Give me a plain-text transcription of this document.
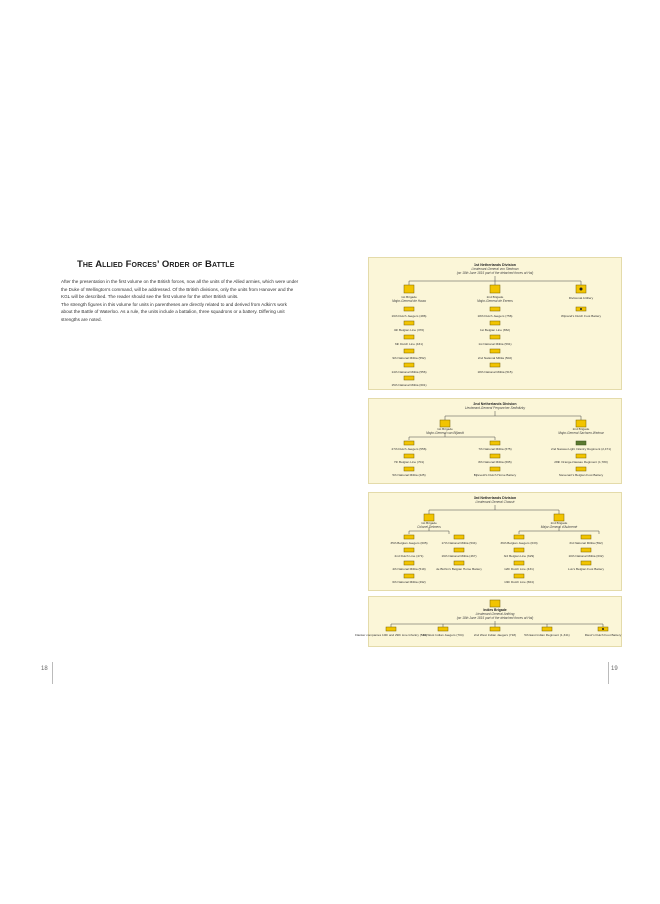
The Allied Forces’ Order of Battle

After the presentation in the first volume on the British forces, now all the units of the Allied armies, which were under the Duke of Wellington’s command, will be addressed. Of the British divisions, only the units from Hanover and the KGL will be described. The reader should see the first volume for the other British units.

The strength figures in this volume for units in parentheses are directly related to and derived from Adkin’s work about the Battle of Waterloo. As a rule, the units include a battalion, three squadrons or a battery. Differing unit strengths are noted.

18	19
1st Netherlands Division
Lieutenant-General von Stedman
(on 18th June 1815 part of the detached forces at Hal)
1st Brigade
Major-General de Hauw
2nd Brigade
Major-General de Eerens
Divisional Artillery
16th Dutch Jaegers (486)
4th Belgian Line (370)
6th Dutch Line (431)
9th National Militia (552)
14th National Militia (556)
15th National Militia (601)
18th Dutch Jaegers (756)
1st Belgian Line (652)
1st National Militia (591)
2nd National Militia (502)
18th National Militia (515)
Wijnand’s Dutch Foot Battery
2nd Netherlands Division
Lieutenant-General Perponcher-Sedlnitzky
1st Brigade
Major-General van Bijlandt
2nd Brigade
Major-General Sachsen-Weimar
27th Dutch Jaegers (556)
7th Belgian Line (701)
5th National Militia (225)
7th National Militia (675)
8th National Militia (665)
Bijleveld’s Dutch Horse Battery
2nd Nassau Light Infantry Regiment (2,471)
28th Orange-Nassau Regiment (1,780)
Stevenart’s Belgian Foot Battery
3rd Netherlands Division
Lieutenant-General Chassé
1st Brigade
Colonel Detmers
2nd Brigade
Major-General d’Aubremé
35th Belgian Jaegers (605)
2nd Dutch Line (471)
4th National Militia (519)
6th National Militia (492)
17th National Militia (534)
19th National Militia (467)
de Bichin’s Belgian Horse Battery
36th Belgian Jaegers (633)
3rd Belgian Line (629)
12th Dutch Line (431)
13th Dutch Line (664)
3rd National Militia (592)
10th National Militia (632)
Lux’s Belgian Foot Battery
Indies Brigade
Lieutenant-General Anthing
(on 18th June 1815 part of the detached forces at Hal)
Flanker companies 10th and 29th Line Infantry (538)
1st West Indian Jaegers (704)	2nd West Indian Jaegers (718)	5th East Indian Regiment (1,341)	Riesz’s Dutch Foot Battery
